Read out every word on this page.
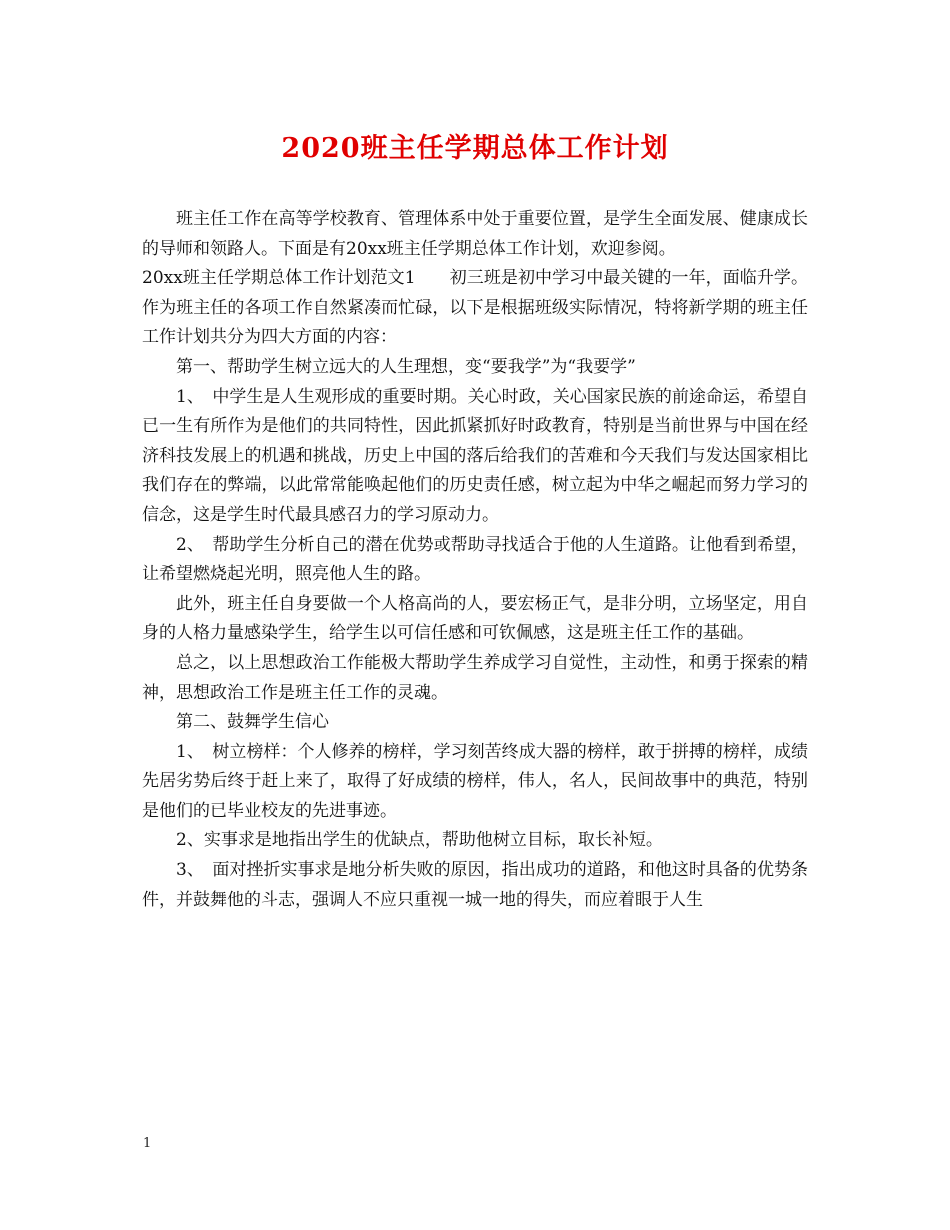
2020班主任学期总体工作计划

班主任工作在高等学校教育、管理体系中处于重要位置，是学生全面发展、健康成长的导师和领路人。下面是有20xx班主任学期总体工作计划，欢迎参阅。

20xx班主任学期总体工作计划范文1　　初三班是初中学习中最关键的一年，面临升学。作为班主任的各项工作自然紧凑而忙碌，以下是根据班级实际情况，特将新学期的班主任工作计划共分为四大方面的内容：

第一、帮助学生树立远大的人生理想，变“要我学”为“我要学”

1、　中学生是人生观形成的重要时期。关心时政，关心国家民族的前途命运，希望自已一生有所作为是他们的共同特性，因此抓紧抓好时政教育，特别是当前世界与中国在经济科技发展上的机遇和挑战，历史上中国的落后给我们的苦难和今天我们与发达国家相比我们存在的弊端，以此常常能唤起他们的历史责任感，树立起为中华之崛起而努力学习的信念，这是学生时代最具感召力的学习原动力。

2、　帮助学生分析自己的潜在优势或帮助寻找适合于他的人生道路。让他看到希望，让希望燃烧起光明，照亮他人生的路。

此外，班主任自身要做一个人格高尚的人，要宏杨正气，是非分明，立场坚定，用自身的人格力量感染学生，给学生以可信任感和可钦佩感，这是班主任工作的基础。

总之，以上思想政治工作能极大帮助学生养成学习自觉性，主动性，和勇于探索的精神，思想政治工作是班主任工作的灵魂。

第二、鼓舞学生信心

1、　树立榜样：个人修养的榜样，学习刻苦终成大器的榜样，敢于拼搏的榜样，成绩先居劣势后终于赶上来了，取得了好成绩的榜样，伟人，名人，民间故事中的典范，特别是他们的已毕业校友的先进事迹。

2、实事求是地指出学生的优缺点，帮助他树立目标，取长补短。

3、　面对挫折实事求是地分析失败的原因，指出成功的道路，和他这时具备的优势条件，并鼓舞他的斗志，强调人不应只重视一城一地的得失，而应着眼于人生

1
